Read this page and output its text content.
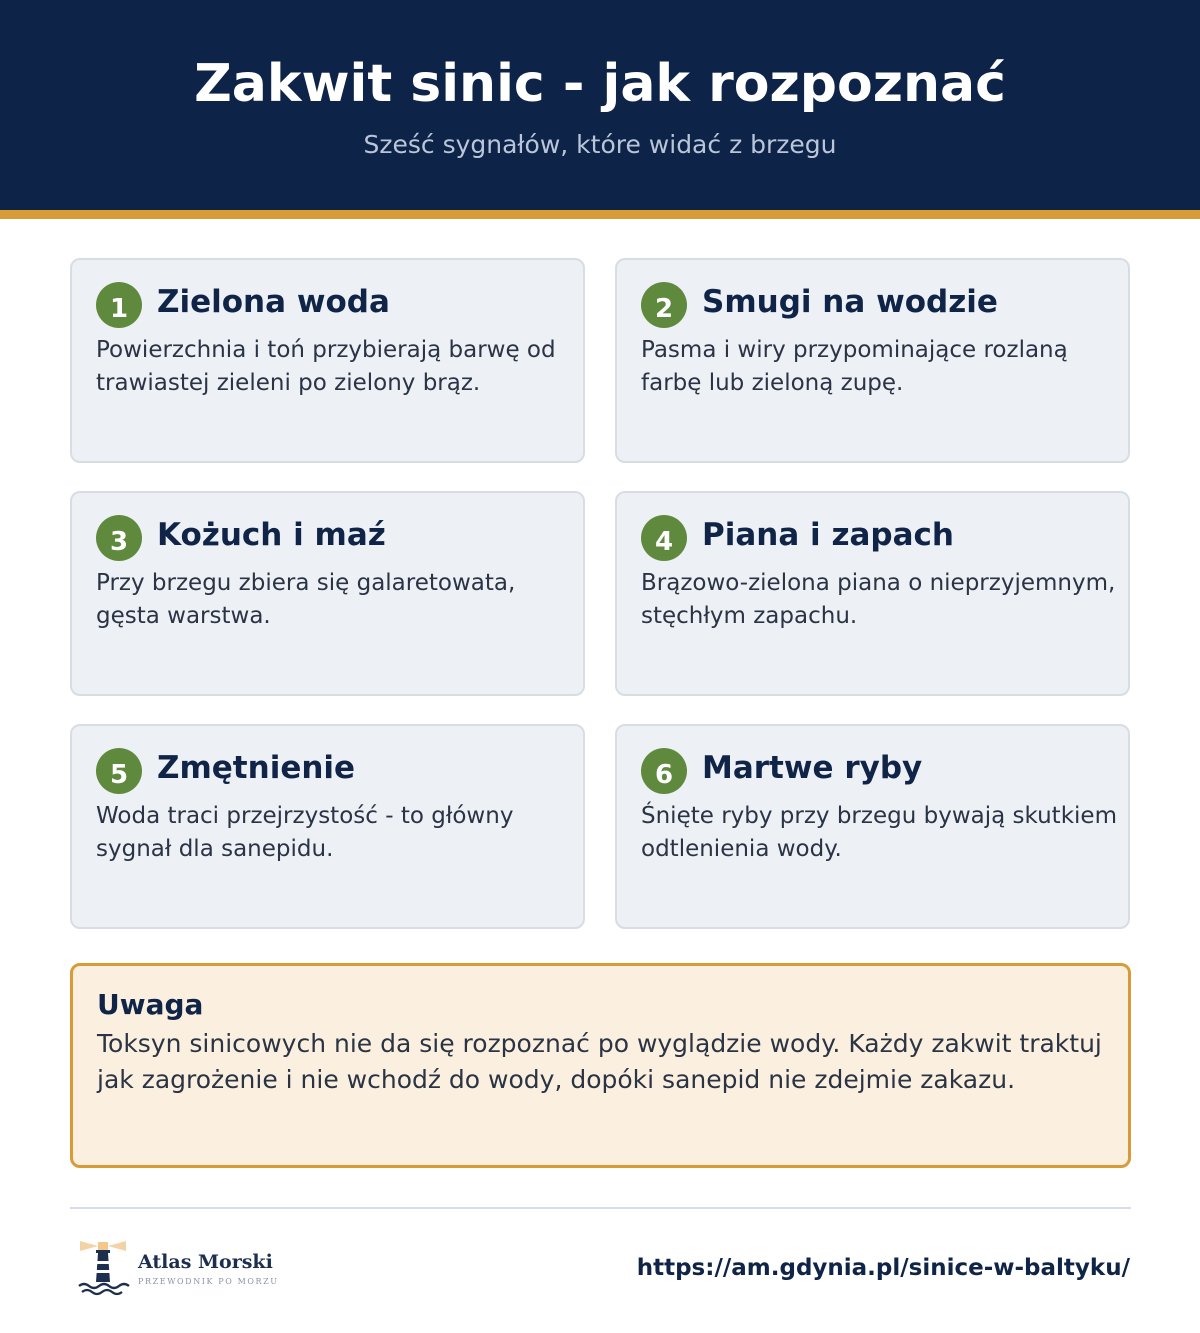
Zakwit sinic - jak rozpoznać

Sześć sygnałów, które widać z brzegu

1 Zielona woda

Powierzchnia i toń przybierają barwę od trawiastej zieleni po zielony brąz.

2 Smugi na wodzie

Pasma i wiry przypominające rozlaną farbę lub zieloną zupę.

3 Kożuch i maź

Przy brzegu zbiera się galaretowata, gęsta warstwa.

4 Piana i zapach

Brązowo-zielona piana o nieprzyjemnym, stęchłym zapachu.

5 Zmętnienie

Woda traci przejrzystość - to główny sygnał dla sanepidu.

6 Martwe ryby

Śnięte ryby przy brzegu bywają skutkiem odtlenienia wody.

Uwaga

Toksyn sinicowych nie da się rozpoznać po wyglądzie wody. Każdy zakwit traktuj jak zagrożenie i nie wchodź do wody, dopóki sanepid nie zdejmie zakazu.

Atlas Morski
PRZEWODNIK PO MORZU
https://am.gdynia.pl/sinice-w-baltyku/
